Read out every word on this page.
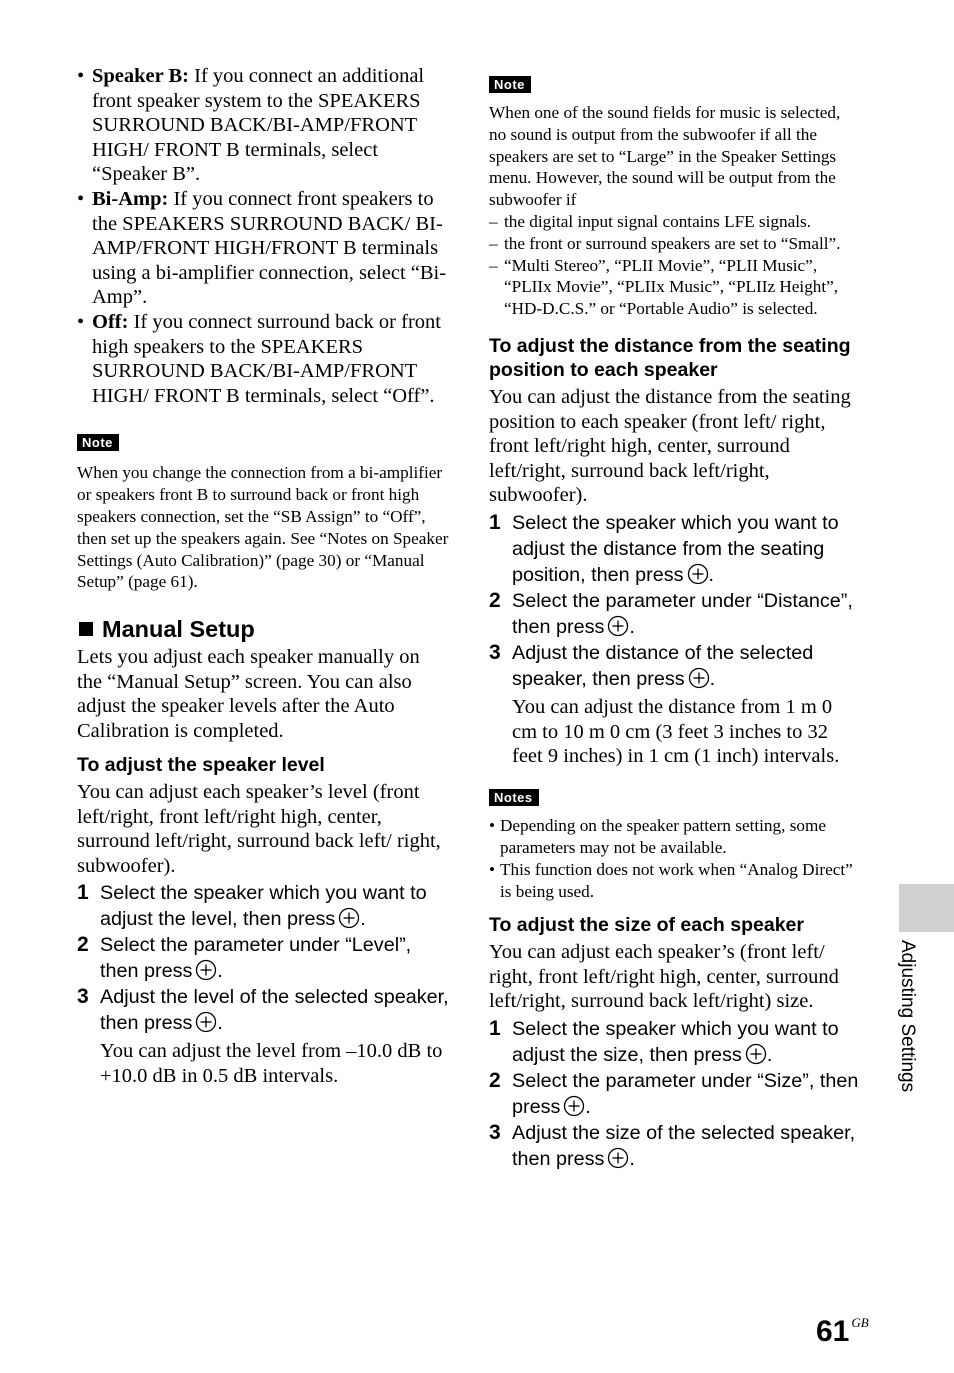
• Speaker B: If you connect an additional front speaker system to the SPEAKERS SURROUND BACK/BI-AMP/FRONT HIGH/ FRONT B terminals, select “Speaker B”.
• Bi-Amp: If you connect front speakers to the SPEAKERS SURROUND BACK/ BI-AMP/FRONT HIGH/FRONT B terminals using a bi-amplifier connection, select “Bi-Amp”.
• Off: If you connect surround back or front high speakers to the SPEAKERS SURROUND BACK/BI-AMP/FRONT HIGH/ FRONT B terminals, select “Off”.
Note

When you change the connection from a bi-amplifier or speakers front B to surround back or front high speakers connection, set the “SB Assign” to “Off”, then set up the speakers again. See “Notes on Speaker Settings (Auto Calibration)” (page 30) or “Manual Setup” (page 61).

Manual Setup

Lets you adjust each speaker manually on the “Manual Setup” screen. You can also adjust the speaker levels after the Auto Calibration is completed.

To adjust the speaker level

You can adjust each speaker’s level (front left/right, front left/right high, center, surround left/right, surround back left/ right, subwoofer).

1 Select the speaker which you want to adjust the level, then press .
2 Select the parameter under “Level”, then press .
3 Adjust the level of the selected speaker, then press .

You can adjust the level from –10.0 dB to +10.0 dB in 0.5 dB intervals.

Note

When one of the sound fields for music is selected, no sound is output from the subwoofer if all the speakers are set to “Large” in the Speaker Settings menu. However, the sound will be output from the subwoofer if

– the digital input signal contains LFE signals.
– the front or surround speakers are set to “Small”.
– “Multi Stereo”, “PLII Movie”, “PLII Music”, “PLIIx Movie”, “PLIIx Music”, “PLIIz Height”, “HD-D.C.S.” or “Portable Audio” is selected.
To adjust the distance from the seating position to each speaker

You can adjust the distance from the seating position to each speaker (front left/ right, front left/right high, center, surround left/right, surround back left/right, subwoofer).

1 Select the speaker which you want to adjust the distance from the seating position, then press .
2 Select the parameter under “Distance”, then press .
3 Adjust the distance of the selected speaker, then press .

You can adjust the distance from 1 m 0 cm to 10 m 0 cm (3 feet 3 inches to 32 feet 9 inches) in 1 cm (1 inch) intervals.

Notes
• Depending on the speaker pattern setting, some parameters may not be available.
• This function does not work when “Analog Direct” is being used.
To adjust the size of each speaker

You can adjust each speaker’s (front left/ right, front left/right high, center, surround left/right, surround back left/right) size.

1 Select the speaker which you want to adjust the size, then press .
2 Select the parameter under “Size”, then press .
3 Adjust the size of the selected speaker, then press .
Adjusting Settings
61 $^{GB}$
